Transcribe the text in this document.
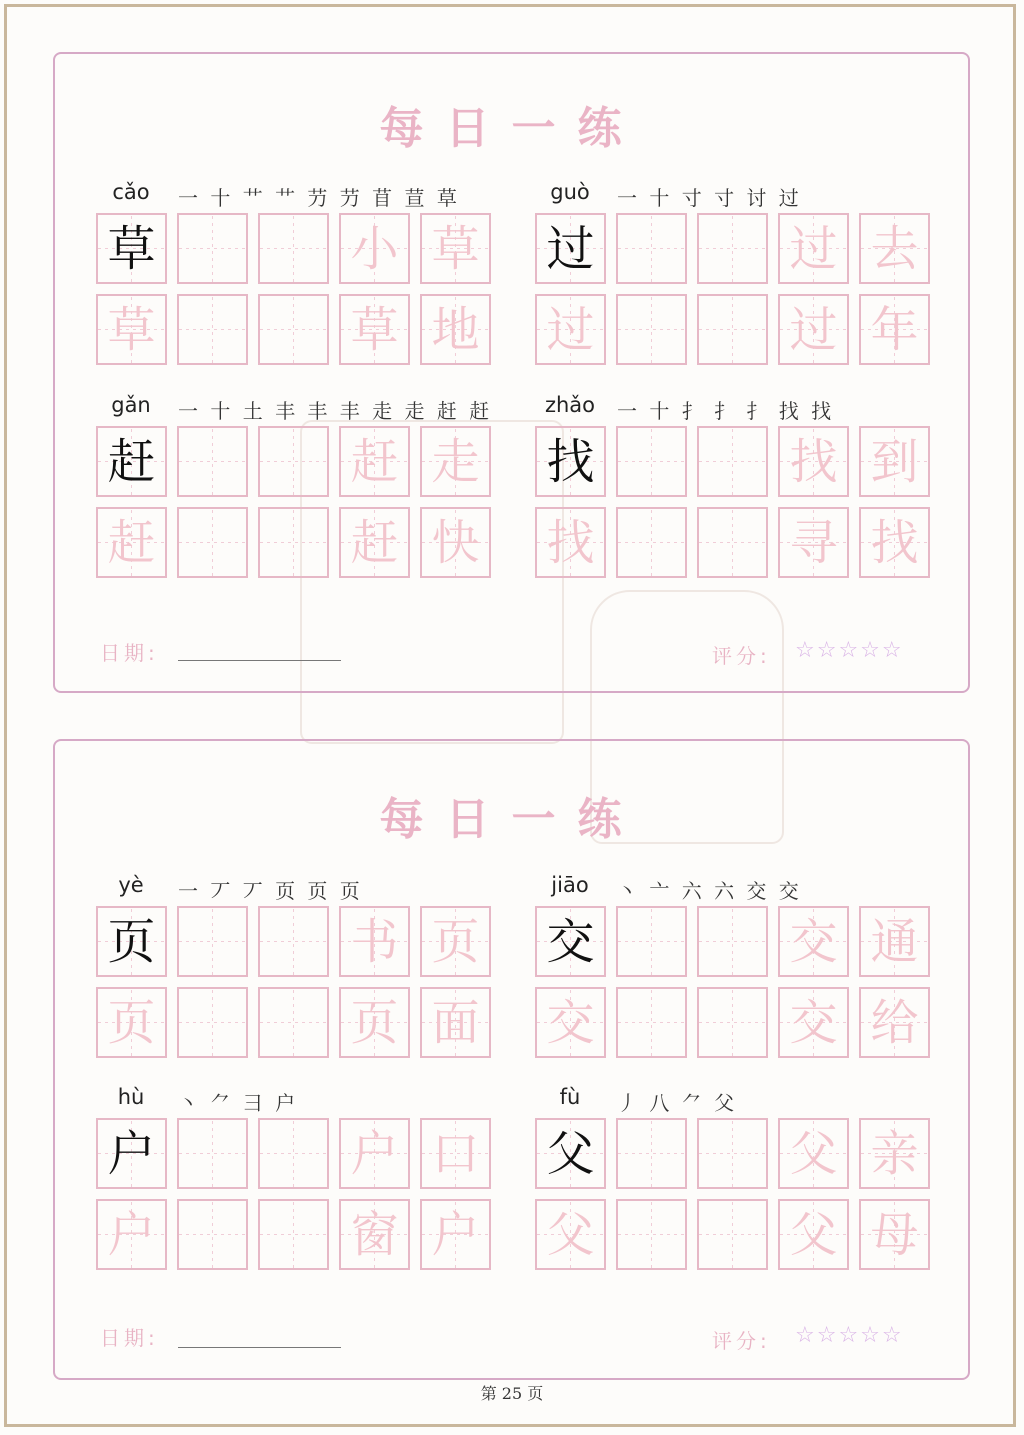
每日一练
每日一练
cǎo	一 十 艹 艹 芀 芀 苜 荁 草
草	小 草
草	草 地
guò	一 十 寸 寸 讨 过
过	过 去
过	过 年
gǎn	一 十 土 丰 丰 丰 走 走 赶 赶
赶	赶 走
赶	赶 快
zhǎo	一 十 扌 扌 扌 找 找
找	找 到
找	寻 找
yè	一 丆 丆 页 页 页
页	书 页
页	页 面
jiāo	丶 亠 六 六 交 交
交	交 通
交	交 给
hù	丶 ⺈ 彐 户
户	户 口
户	窗 户
fù	丿 八 ⺈ 父
父	父 亲
父	父 母
日期:	评分: ☆☆☆☆☆
日期:	评分: ☆☆☆☆☆
第 25 页
